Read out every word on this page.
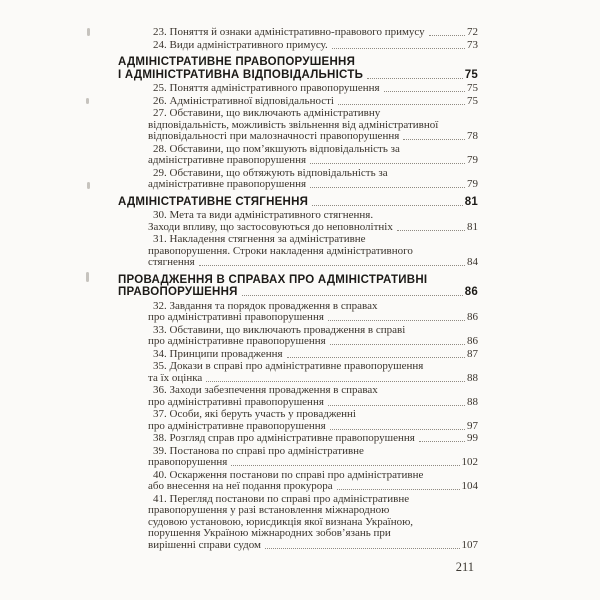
23. Поняття й ознаки адміністративно-правового примусу	72
24. Види адміністративного примусу.	73
АДМІНІСТРАТИВНЕ ПРАВОПОРУШЕННЯ
І АДМІНІСТРАТИВНА ВІДПОВІДАЛЬНІСТЬ	75
25. Поняття адміністративного правопорушення	75
26. Адміністративної відповідальності	75
27. Обставини, що виключають адміністративну
відповідальність, можливість звільнення від адміністративної
відповідальності при малозначності правопорушення	78
28. Обставини, що пом’якшують відповідальність за
адміністративне правопорушення	79
29. Обставини, що обтяжують відповідальність за
адміністративне правопорушення	79
АДМІНІСТРАТИВНЕ СТЯГНЕННЯ	81
30. Мета та види адміністративного стягнення.
Заходи впливу, що застосовуються до неповнолітніх	81
31. Накладення стягнення за адміністративне
правопорушення. Строки накладення адміністративного
стягнення	84
ПРОВАДЖЕННЯ В СПРАВАХ ПРО АДМІНІСТРАТИВНІ
ПРАВОПОРУШЕННЯ	86
32. Завдання та порядок провадження в справах
про адміністративні правопорушення	86
33. Обставини, що виключають провадження в справі
про адміністративне правопорушення	86
34. Принципи провадження	87
35. Докази в справі про адміністративне правопорушення
та їх оцінка	88
36. Заходи забезпечення провадження в справах
про адміністративні правопорушення	88
37. Особи, які беруть участь у провадженні
про адміністративне правопорушення	97
38. Розгляд справ про адміністративне правопорушення	99
39. Постанова по справі про адміністративне
правопорушення	102
40. Оскарження постанови по справі про адміністративне
або внесення на неї подання прокурора	104
41. Перегляд постанови по справі про адміністративне
правопорушення у разі встановлення міжнародною
судовою установою, юрисдикція якої визнана Україною,
порушення Україною міжнародних зобов’язань при
вирішенні справи судом	107
211
